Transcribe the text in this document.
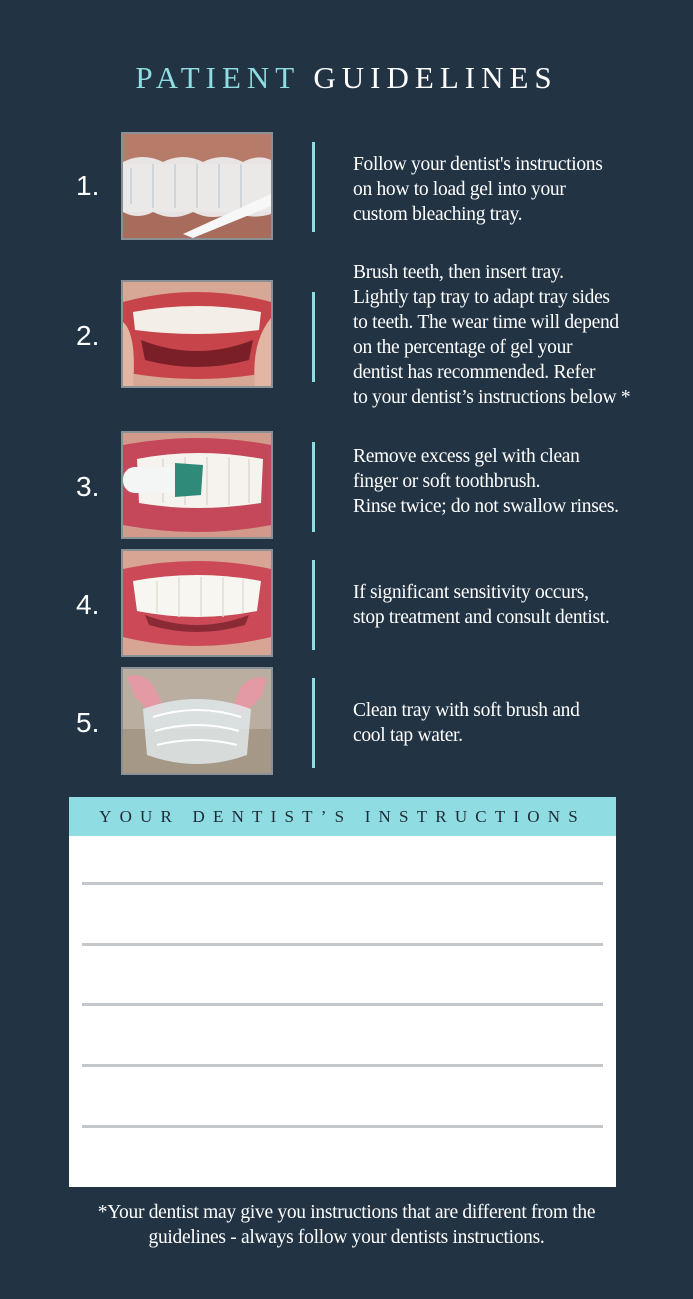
PATIENT GUIDELINES
1.
Follow your dentist's instructions
on how to load gel into your
custom bleaching tray.
2.
Brush teeth, then insert tray.
Lightly tap tray to adapt tray sides
to teeth. The wear time will depend
on the percentage of gel your
dentist has recommended. Refer
to your dentist’s instructions below *
3.
Remove excess gel with clean
finger or soft toothbrush.
Rinse twice; do not swallow rinses.
4.	If significant sensitivity occurs,
stop treatment and consult dentist.
5.	Clean tray with soft brush and
cool tap water.
YOUR DENTIST’S INSTRUCTIONS
*Your dentist may give you instructions that are different from the
guidelines - always follow your dentists instructions.
